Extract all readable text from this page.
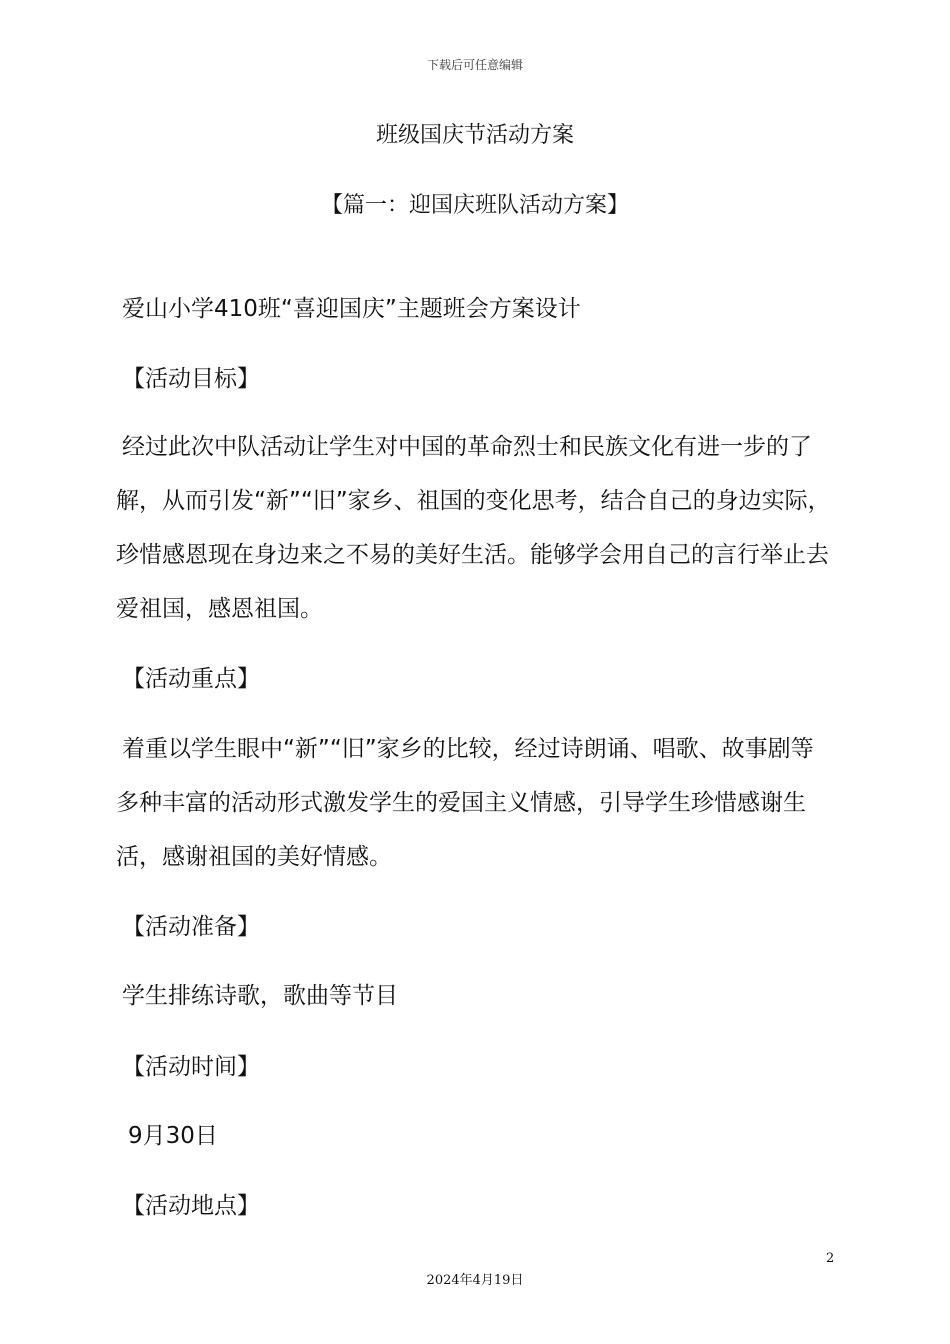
下载后可任意编辑
班级国庆节活动方案
【篇一：迎国庆班队活动方案】

爱山小学410班“喜迎国庆”主题班会方案设计

【活动目标】

经过此次中队活动让学生对中国的革命烈士和民族文化有进一步的了解，从而引发“新”“旧”家乡、祖国的变化思考，结合自己的身边实际，珍惜感恩现在身边来之不易的美好生活。能够学会用自己的言行举止去爱祖国，感恩祖国。

【活动重点】

着重以学生眼中“新”“旧”家乡的比较，经过诗朗诵、唱歌、故事剧等多种丰富的活动形式激发学生的爱国主义情感，引导学生珍惜感谢生活，感谢祖国的美好情感。

【活动准备】

学生排练诗歌，歌曲等节目

【活动时间】

9月30日

【活动地点】

2
2024年4月19日
